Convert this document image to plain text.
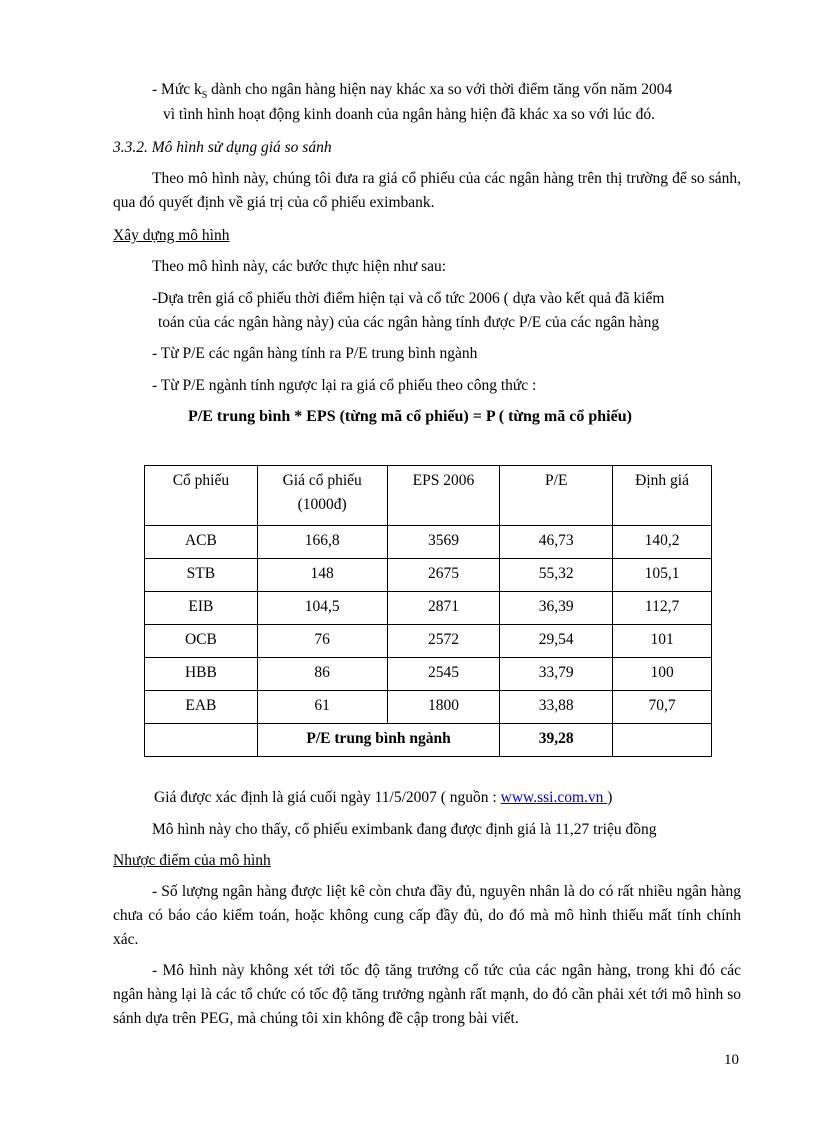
- Mức $k_S$ dành cho ngân hàng hiện nay khác xa so với thời điểm tăng vốn năm 2004

vì tình hình hoạt động kinh doanh của ngân hàng hiện đã khác xa so với lúc đó.

3.3.2. Mô hình sử dụng giá so sánh

Theo mô hình này, chúng tôi đưa ra giá cổ phiếu của các ngân hàng trên thị trường để so sánh, qua đó quyết định về giá trị của cổ phiếu eximbank.

Xây dựng mô hình

Theo mô hình này, các bước thực hiện như sau:

-Dựa trên giá cổ phiếu thời điểm hiện tại và cổ tức 2006 ( dựa vào kết quả đã kiểm

toán của các ngân hàng này) của các ngân hàng tính được P/E của các ngân hàng

- Từ P/E các ngân hàng tính ra P/E trung bình ngành

- Từ P/E ngành tính ngược lại ra giá cổ phiếu theo công thức :

P/E trung bình * EPS (từng mã cổ phiếu) = P ( từng mã cổ phiếu)

Cổ phiếu	Giá cổ phiếu (1000đ)	EPS 2006	P/E	Định giá
ACB	166,8	3569	46,73	140,2
STB	148	2675	55,32	105,1
EIB	104,5	2871	36,39	112,7
OCB	76	2572	29,54	101
HBB	86	2545	33,79	100
EAB	61	1800	33,88	70,7
	P/E trung bình ngành		39,28	

Giá được xác định là giá cuối ngày 11/5/2007 ( nguồn : www.ssi.com.vn )

Mô hình này cho thấy, cổ phiếu eximbank đang được định giá là 11,27 triệu đồng

Nhược điểm của mô hình

- Số lượng ngân hàng được liệt kê còn chưa đầy đủ, nguyên nhân là do có rất nhiều ngân hàng chưa có báo cáo kiểm toán, hoặc không cung cấp đầy đủ, do đó mà mô hình thiếu mất tính chính xác.

- Mô hình này không xét tới tốc độ tăng trưởng cổ tức của các ngân hàng, trong khi đó các ngân hàng lại là các tổ chức có tốc độ tăng trưởng ngành rất mạnh, do đó cần phải xét tới mô hình so sánh dựa trên PEG, mà chúng tôi xin không đề cập trong bài viết.

10
